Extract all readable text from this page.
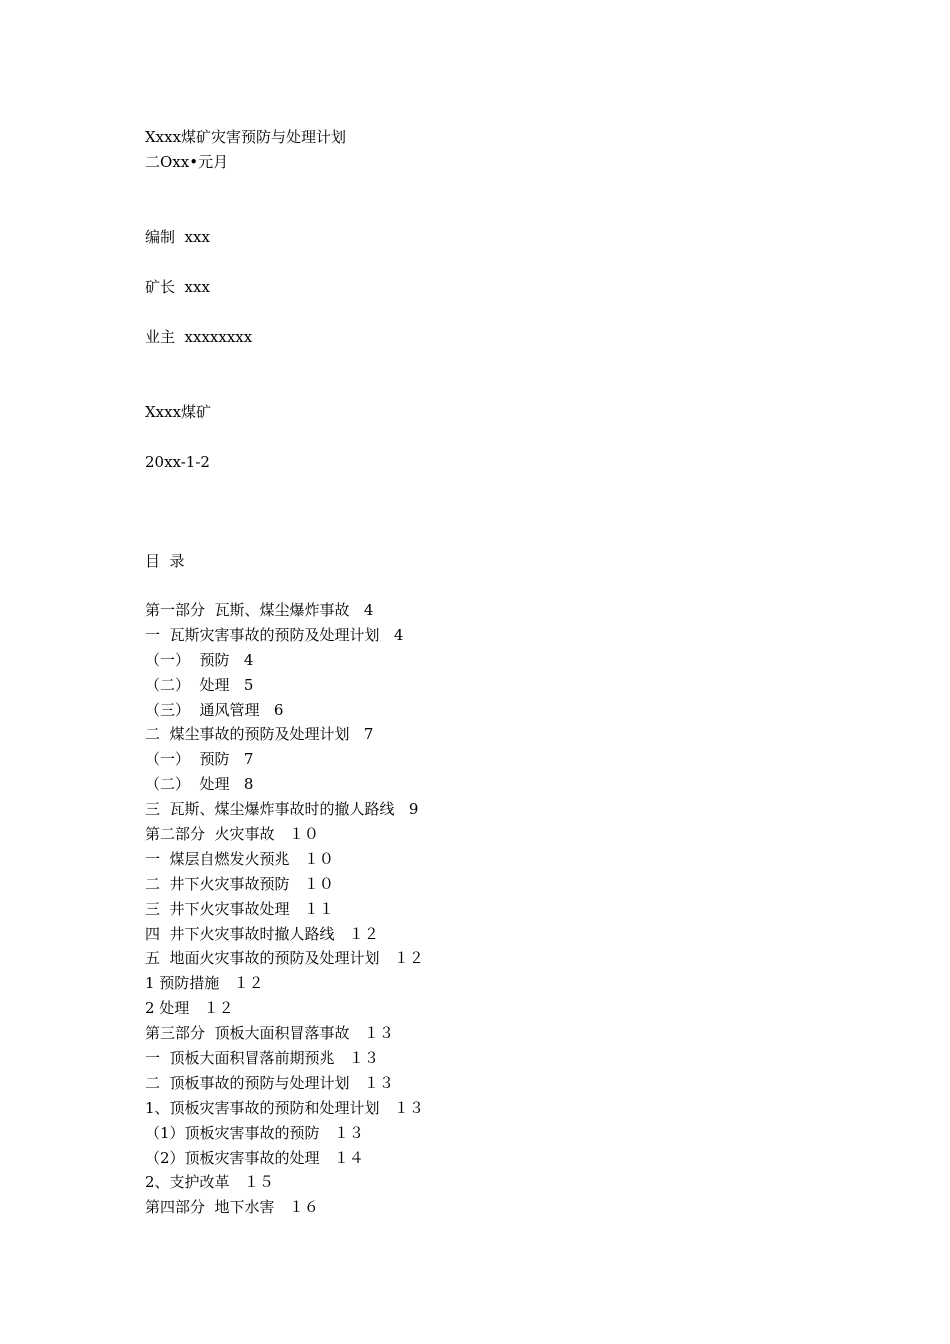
Xxxx煤矿灾害预防与处理计划
二Oxx•元月
编制  xxx
矿长  xxx
业主  xxxxxxxx
Xxxx煤矿
20xx-1-2
目  录
第一部分  瓦斯、煤尘爆炸事故   4
一  瓦斯灾害事故的预防及处理计划   4
（一）  预防   4
（二）  处理   5
（三）  通风管理   6
二  煤尘事故的预防及处理计划   7
（一）  预防   7
（二）  处理   8
三  瓦斯、煤尘爆炸事故时的撤人路线   9
第二部分  火灾事故   １０
一  煤层自燃发火预兆   １０
二  井下火灾事故预防   １０
三  井下火灾事故处理   １１
四  井下火灾事故时撤人路线   １２
五  地面火灾事故的预防及处理计划   １２
1 预防措施   １２
2 处理   １２
第三部分  顶板大面积冒落事故   １３
一  顶板大面积冒落前期预兆   １３
二  顶板事故的预防与处理计划   １３
1、顶板灾害事故的预防和处理计划   １３
（1）顶板灾害事故的预防   １３
（2）顶板灾害事故的处理   １４
2、支护改革   １５
第四部分  地下水害   １６
